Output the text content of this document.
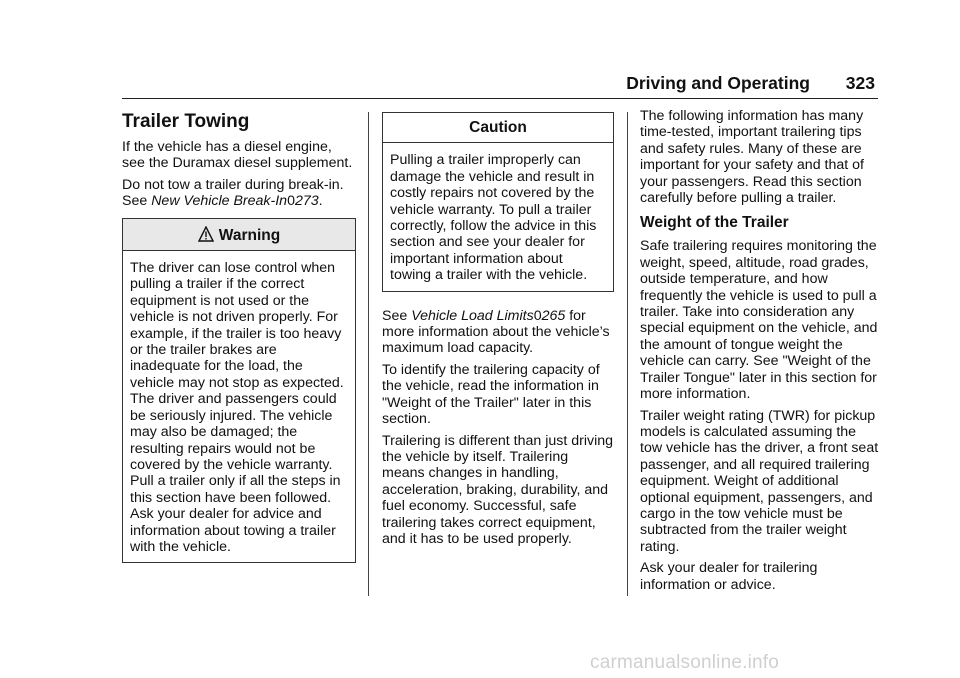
Driving and Operating 323
Trailer Towing

If the vehicle has a diesel engine, see the Duramax diesel supplement.

Do not tow a trailer during break-in. See New Vehicle Break-In0273.

Warning
The driver can lose control when pulling a trailer if the correct equipment is not used or the vehicle is not driven properly. For example, if the trailer is too heavy or the trailer brakes are inadequate for the load, the vehicle may not stop as expected. The driver and passengers could be seriously injured. The vehicle may also be damaged; the resulting repairs would not be covered by the vehicle warranty. Pull a trailer only if all the steps in this section have been followed. Ask your dealer for advice and information about towing a trailer with the vehicle.
Caution
Pulling a trailer improperly can damage the vehicle and result in costly repairs not covered by the vehicle warranty. To pull a trailer correctly, follow the advice in this section and see your dealer for important information about towing a trailer with the vehicle.

See Vehicle Load Limits0265 for more information about the vehicle’s maximum load capacity.

To identify the trailering capacity of the vehicle, read the information in "Weight of the Trailer" later in this section.

Trailering is different than just driving the vehicle by itself. Trailering means changes in handling, acceleration, braking, durability, and fuel economy. Successful, safe trailering takes correct equipment, and it has to be used properly.

The following information has many time-tested, important trailering tips and safety rules. Many of these are important for your safety and that of your passengers. Read this section carefully before pulling a trailer.

Weight of the Trailer

Safe trailering requires monitoring the weight, speed, altitude, road grades, outside temperature, and how frequently the vehicle is used to pull a trailer. Take into consideration any special equipment on the vehicle, and the amount of tongue weight the vehicle can carry. See "Weight of the Trailer Tongue" later in this section for more information.

Trailer weight rating (TWR) for pickup models is calculated assuming the tow vehicle has the driver, a front seat passenger, and all required trailering equipment. Weight of additional optional equipment, passengers, and cargo in the tow vehicle must be subtracted from the trailer weight rating.

Ask your dealer for trailering information or advice.

carmanualsonline.info
